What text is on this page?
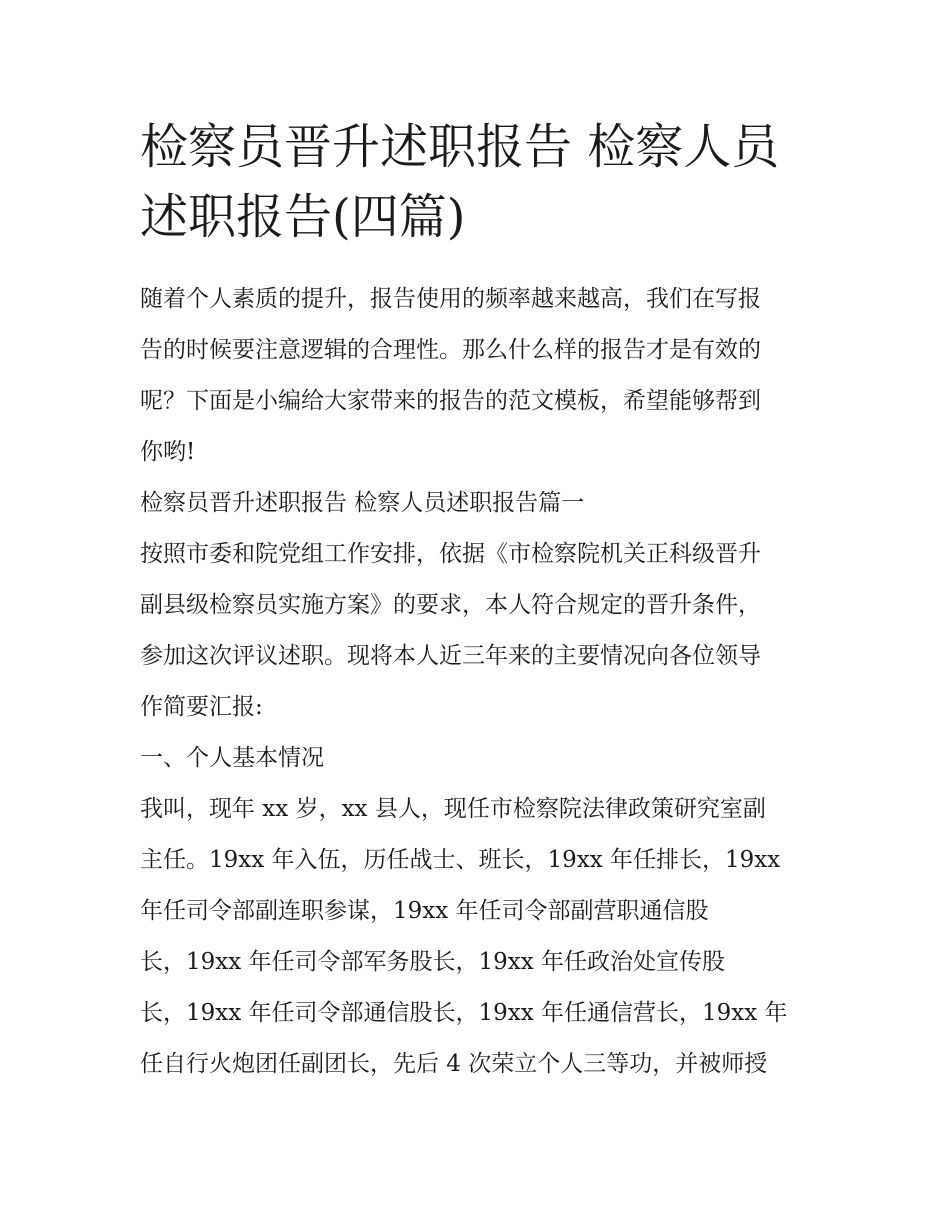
检察员晋升述职报告 检察人员
述职报告(四篇)
随着个人素质的提升，报告使用的频率越来越高，我们在写报
告的时候要注意逻辑的合理性。那么什么样的报告才是有效的
呢？下面是小编给大家带来的报告的范文模板，希望能够帮到
你哟!
检察员晋升述职报告 检察人员述职报告篇一
按照市委和院党组工作安排，依据《市检察院机关正科级晋升
副县级检察员实施方案》的要求，本人符合规定的晋升条件，
参加这次评议述职。现将本人近三年来的主要情况向各位领导
作简要汇报:
一、个人基本情况
我叫，现年 xx 岁，xx 县人，现任市检察院法律政策研究室副
主任。19xx 年入伍，历任战士、班长，19xx 年任排长，19xx
年任司令部副连职参谋，19xx 年任司令部副营职通信股
长，19xx 年任司令部军务股长，19xx 年任政治处宣传股
长，19xx 年任司令部通信股长，19xx 年任通信营长，19xx 年
任自行火炮团任副团长，先后 4 次荣立个人三等功，并被师授
